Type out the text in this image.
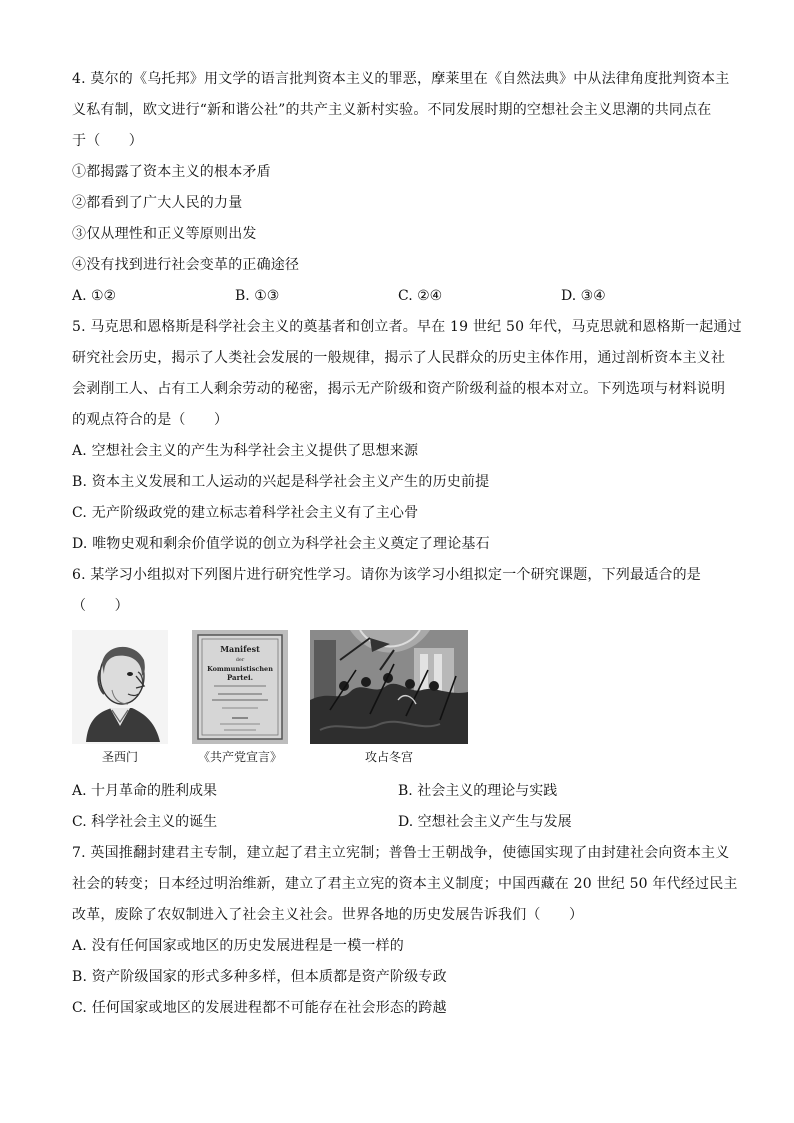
4. 莫尔的《乌托邦》用文学的语言批判资本主义的罪恶，摩莱里在《自然法典》中从法律角度批判资本主
义私有制，欧文进行“新和谐公社”的共产主义新村实验。不同发展时期的空想社会主义思潮的共同点在
于（　　）
①都揭露了资本主义的根本矛盾
②都看到了广大人民的力量
③仅从理性和正义等原则出发
④没有找到进行社会变革的正确途径
A. ①②	B. ①③	C. ②④	D. ③④
5. 马克思和恩格斯是科学社会主义的奠基者和创立者。早在 19 世纪 50 年代，马克思就和恩格斯一起通过
研究社会历史，揭示了人类社会发展的一般规律，揭示了人民群众的历史主体作用，通过剖析资本主义社
会剥削工人、占有工人剩余劳动的秘密，揭示无产阶级和资产阶级利益的根本对立。下列选项与材料说明
的观点符合的是（　　）
A. 空想社会主义的产生为科学社会主义提供了思想来源
B. 资本主义发展和工人运动的兴起是科学社会主义产生的历史前提
C. 无产阶级政党的建立标志着科学社会主义有了主心骨
D. 唯物史观和剩余价值学说的创立为科学社会主义奠定了理论基石
6. 某学习小组拟对下列图片进行研究性学习。请你为该学习小组拟定一个研究课题，下列最适合的是
（　　）
圣西门
Manifest
der
Kommunistischen
Partei.
《共产党宣言》	攻占冬宫
A. 十月革命的胜利成果	B. 社会主义的理论与实践
C. 科学社会主义的诞生	D. 空想社会主义产生与发展
7. 英国推翻封建君主专制，建立起了君主立宪制；普鲁士王朝战争，使德国实现了由封建社会向资本主义
社会的转变；日本经过明治维新，建立了君主立宪的资本主义制度；中国西藏在 20 世纪 50 年代经过民主
改革，废除了农奴制进入了社会主义社会。世界各地的历史发展告诉我们（　　）
A. 没有任何国家或地区的历史发展进程是一模一样的
B. 资产阶级国家的形式多种多样，但本质都是资产阶级专政
C. 任何国家或地区的发展进程都不可能存在社会形态的跨越
